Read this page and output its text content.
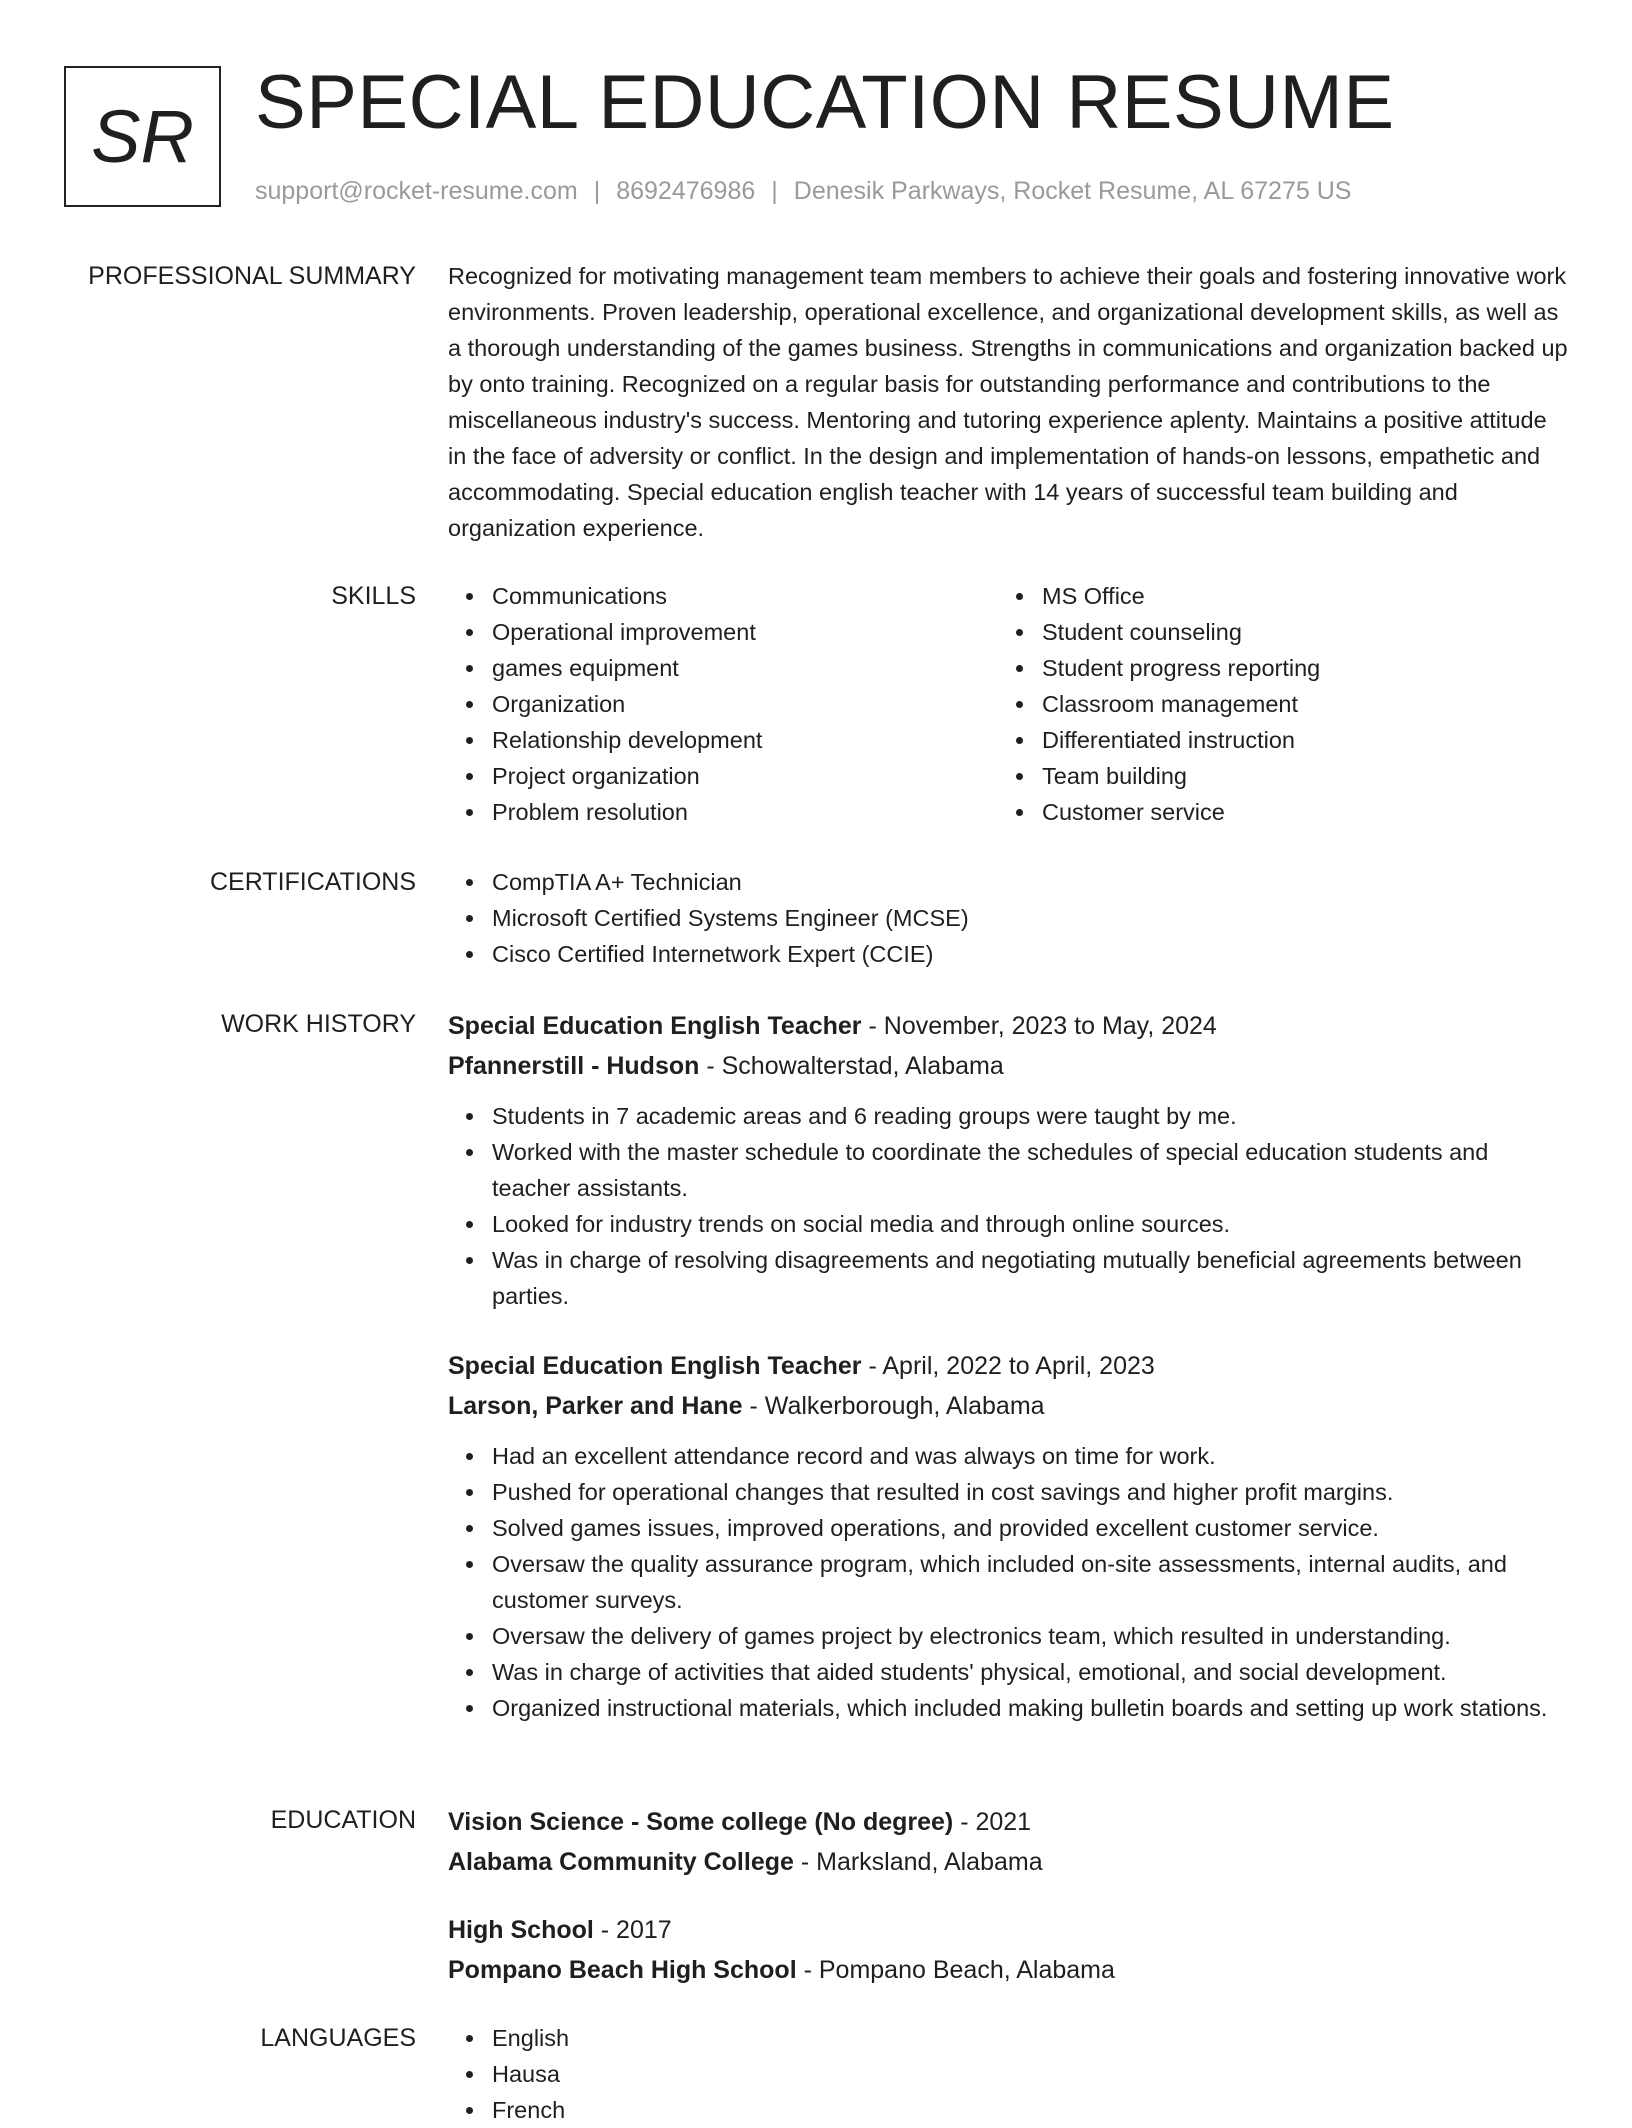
SR SPECIAL EDUCATION RESUME
support@rocket-resume.com | 8692476986 | Denesik Parkways, Rocket Resume, AL 67275 US
PROFESSIONAL SUMMARY Recognized for motivating management team members to achieve their goals and fostering innovative work environments. Proven leadership, operational excellence, and organizational development skills, as well as a thorough understanding of the games business. Strengths in communications and organization backed up by onto training. Recognized on a regular basis for outstanding performance and contributions to the miscellaneous industry's success. Mentoring and tutoring experience aplenty. Maintains a positive attitude in the face of adversity or conflict. In the design and implementation of hands-on lessons, empathetic and accommodating. Special education english teacher with 14 years of successful team building and organization experience.

SKILLS	Communications
Operational improvement
games equipment
Organization
Relationship development
Project organization
Problem resolution
MS Office
Student counseling
Student progress reporting
Classroom management
Differentiated instruction
Team building
Customer service
CERTIFICATIONS	CompTIA A+ Technician
Microsoft Certified Systems Engineer (MCSE)
Cisco Certified Internetwork Expert (CCIE)
WORK HISTORY Special Education English Teacher - November, 2023 to May, 2024
Pfannerstill - Hudson - Schowalterstad, Alabama
Students in 7 academic areas and 6 reading groups were taught by me.
Worked with the master schedule to coordinate the schedules of special education students and teacher assistants.
Looked for industry trends on social media and through online sources.
Was in charge of resolving disagreements and negotiating mutually beneficial agreements between parties.
Special Education English Teacher - April, 2022 to April, 2023
Larson, Parker and Hane - Walkerborough, Alabama
Had an excellent attendance record and was always on time for work.
Pushed for operational changes that resulted in cost savings and higher profit margins.
Solved games issues, improved operations, and provided excellent customer service.
Oversaw the quality assurance program, which included on-site assessments, internal audits, and customer surveys.
Oversaw the delivery of games project by electronics team, which resulted in understanding.
Was in charge of activities that aided students' physical, emotional, and social development.
Organized instructional materials, which included making bulletin boards and setting up work stations.
EDUCATION Vision Science - Some college (No degree) - 2021
Alabama Community College - Marksland, Alabama
High School - 2017
Pompano Beach High School - Pompano Beach, Alabama
LANGUAGES	English
Hausa
French
